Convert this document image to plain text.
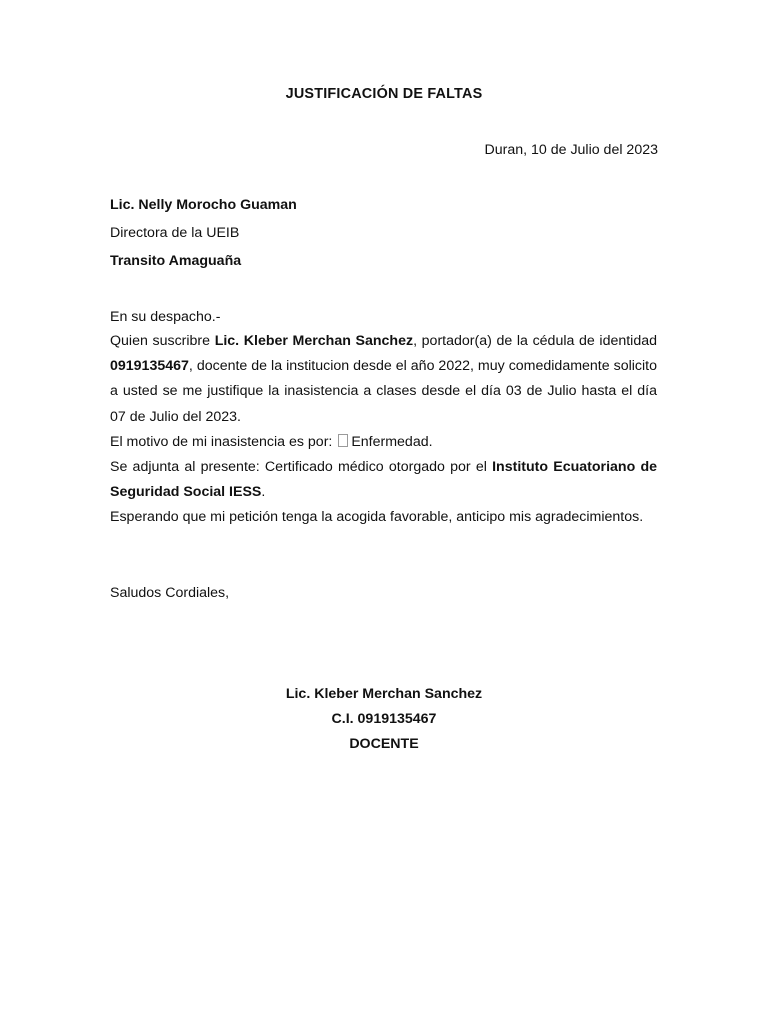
JUSTIFICACIÓN DE FALTAS
Duran, 10 de Julio del 2023
Lic. Nelly Morocho Guaman
Directora de la UEIB
Transito Amaguaña
En su despacho.-

Quien suscribre Lic. Kleber Merchan Sanchez, portador(a) de la cédula de identidad 0919135467, docente de la institucion desde el año 2022, muy comedidamente solicito a usted se me justifique la inasistencia a clases desde el día 03 de Julio hasta el día 07 de Julio del 2023.

El motivo de mi inasistencia es por: Enfermedad.

Se adjunta al presente: Certificado médico otorgado por el Instituto Ecuatoriano de Seguridad Social IESS.

Esperando que mi petición tenga la acogida favorable, anticipo mis agradecimientos.

Saludos Cordiales,
Lic. Kleber Merchan Sanchez
C.I. 0919135467
DOCENTE
